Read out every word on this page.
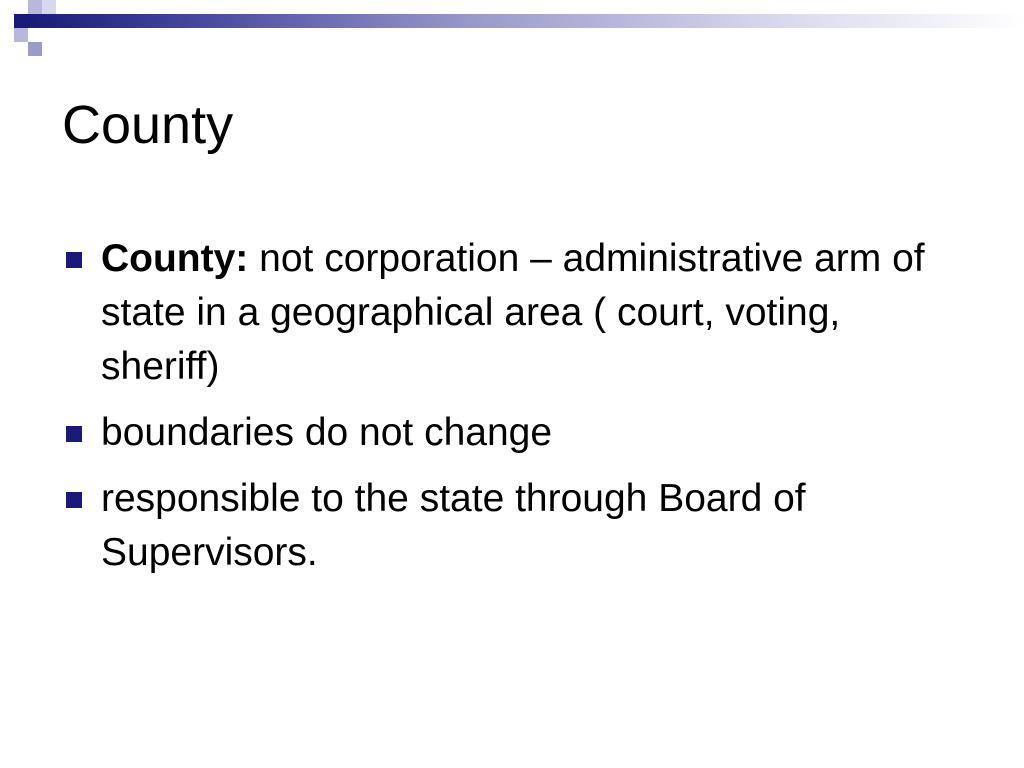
County
County: not corporation – administrative arm of state in a geographical area ( court, voting, sheriff)
boundaries do not change
responsible to the state through Board of Supervisors.
